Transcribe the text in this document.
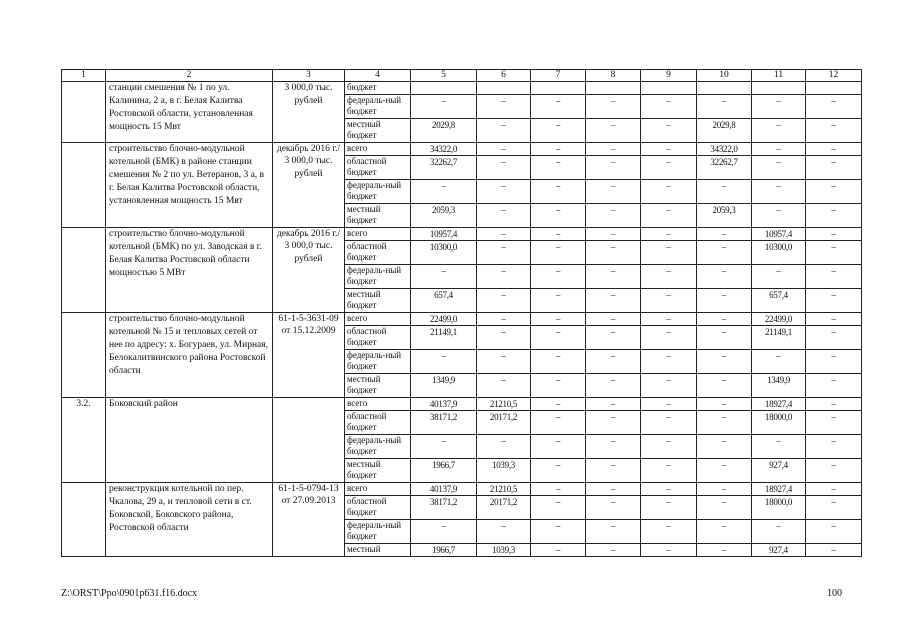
1	2	3	4	5	6	7	8	9	10	11	12
	станции смешения № 1 по ул. Калинина, 2 а, в г. Белая Калитва Ростовской области, установленная мощность 15 Мвт	3 000,0 тыс. рублей	бюджет								
			федераль-ный бюджет	–	–	–	–	–	–	–	–
			местный бюджет	2029,8	–	–	–	–	2029,8	–	–
	строительство блочно-модульной котельной (БМК) в районе станции смешения № 2 по ул. Ветеранов, 3 а, в г. Белая Калитва Ростовской области, установленная мощность 15 Мвт	декабрь 2016 г./ 3 000,0 тыс. рублей	всего	34322,0	–	–	–	–	34322,0	–	–
			областной бюджет	32262,7	–	–	–	–	32262,7	–	–
			федераль-ный бюджет	–	–	–	–	–	–	–	–
			местный бюджет	2059,3	–	–	–	–	2059,3	–	–
	строительство блочно-модульной котельной (БМК) по ул. Заводская в г. Белая Калитва Ростовской области мощностью 5 МВт	декабрь 2016 г./ 3 000,0 тыс. рублей	всего	10957,4	–	–	–	–	–	10957,4	–
			областной бюджет	10300,0	–	–	–	–	–	10300,0	–
			федераль-ный бюджет	–	–	–	–	–	–	–	–
			местный бюджет	657,4	–	–	–	–	–	657,4	–
	строительство блочно-модульной котельной № 15 и тепловых сетей от нее по адресу: х. Богураев, ул. Мирная, Белокалитвинского района Ростовской области	61-1-5-3631-09 от 15.12.2009	всего	22499,0	–	–	–	–	–	22499,0	–
			областной бюджет	21149,1	–	–	–	–	–	21149,1	–
			федераль-ный бюджет	–	–	–	–	–	–	–	–
			местный бюджет	1349,9	–	–	–	–	–	1349,9	–
3.2.	Боковский район		всего	40137,9	21210,5	–	–	–	–	18927,4	–
			областной бюджет	38171,2	20171,2	–	–	–	–	18000,0	–
			федераль-ный бюджет	–	–	–	–	–	–	–	–
			местный бюджет	1966,7	1039,3	–	–	–	–	927,4	–
	реконструкция котельной по пер. Чкалова, 29 а, и тепловой сети в ст. Боковской, Боковского района, Ростовской области	61-1-5-0794-13 от 27.09.2013	всего	40137,9	21210,5	–	–	–	–	18927,4	–
			областной бюджет	38171,2	20171,2	–	–	–	–	18000,0	–
			федераль-ный бюджет	–	–	–	–	–	–	–	–
			местный	1966,7	1039,3	–	–	–	–	927,4	–
Z:\ORST\Ppo\0901p631.f16.docx	100
